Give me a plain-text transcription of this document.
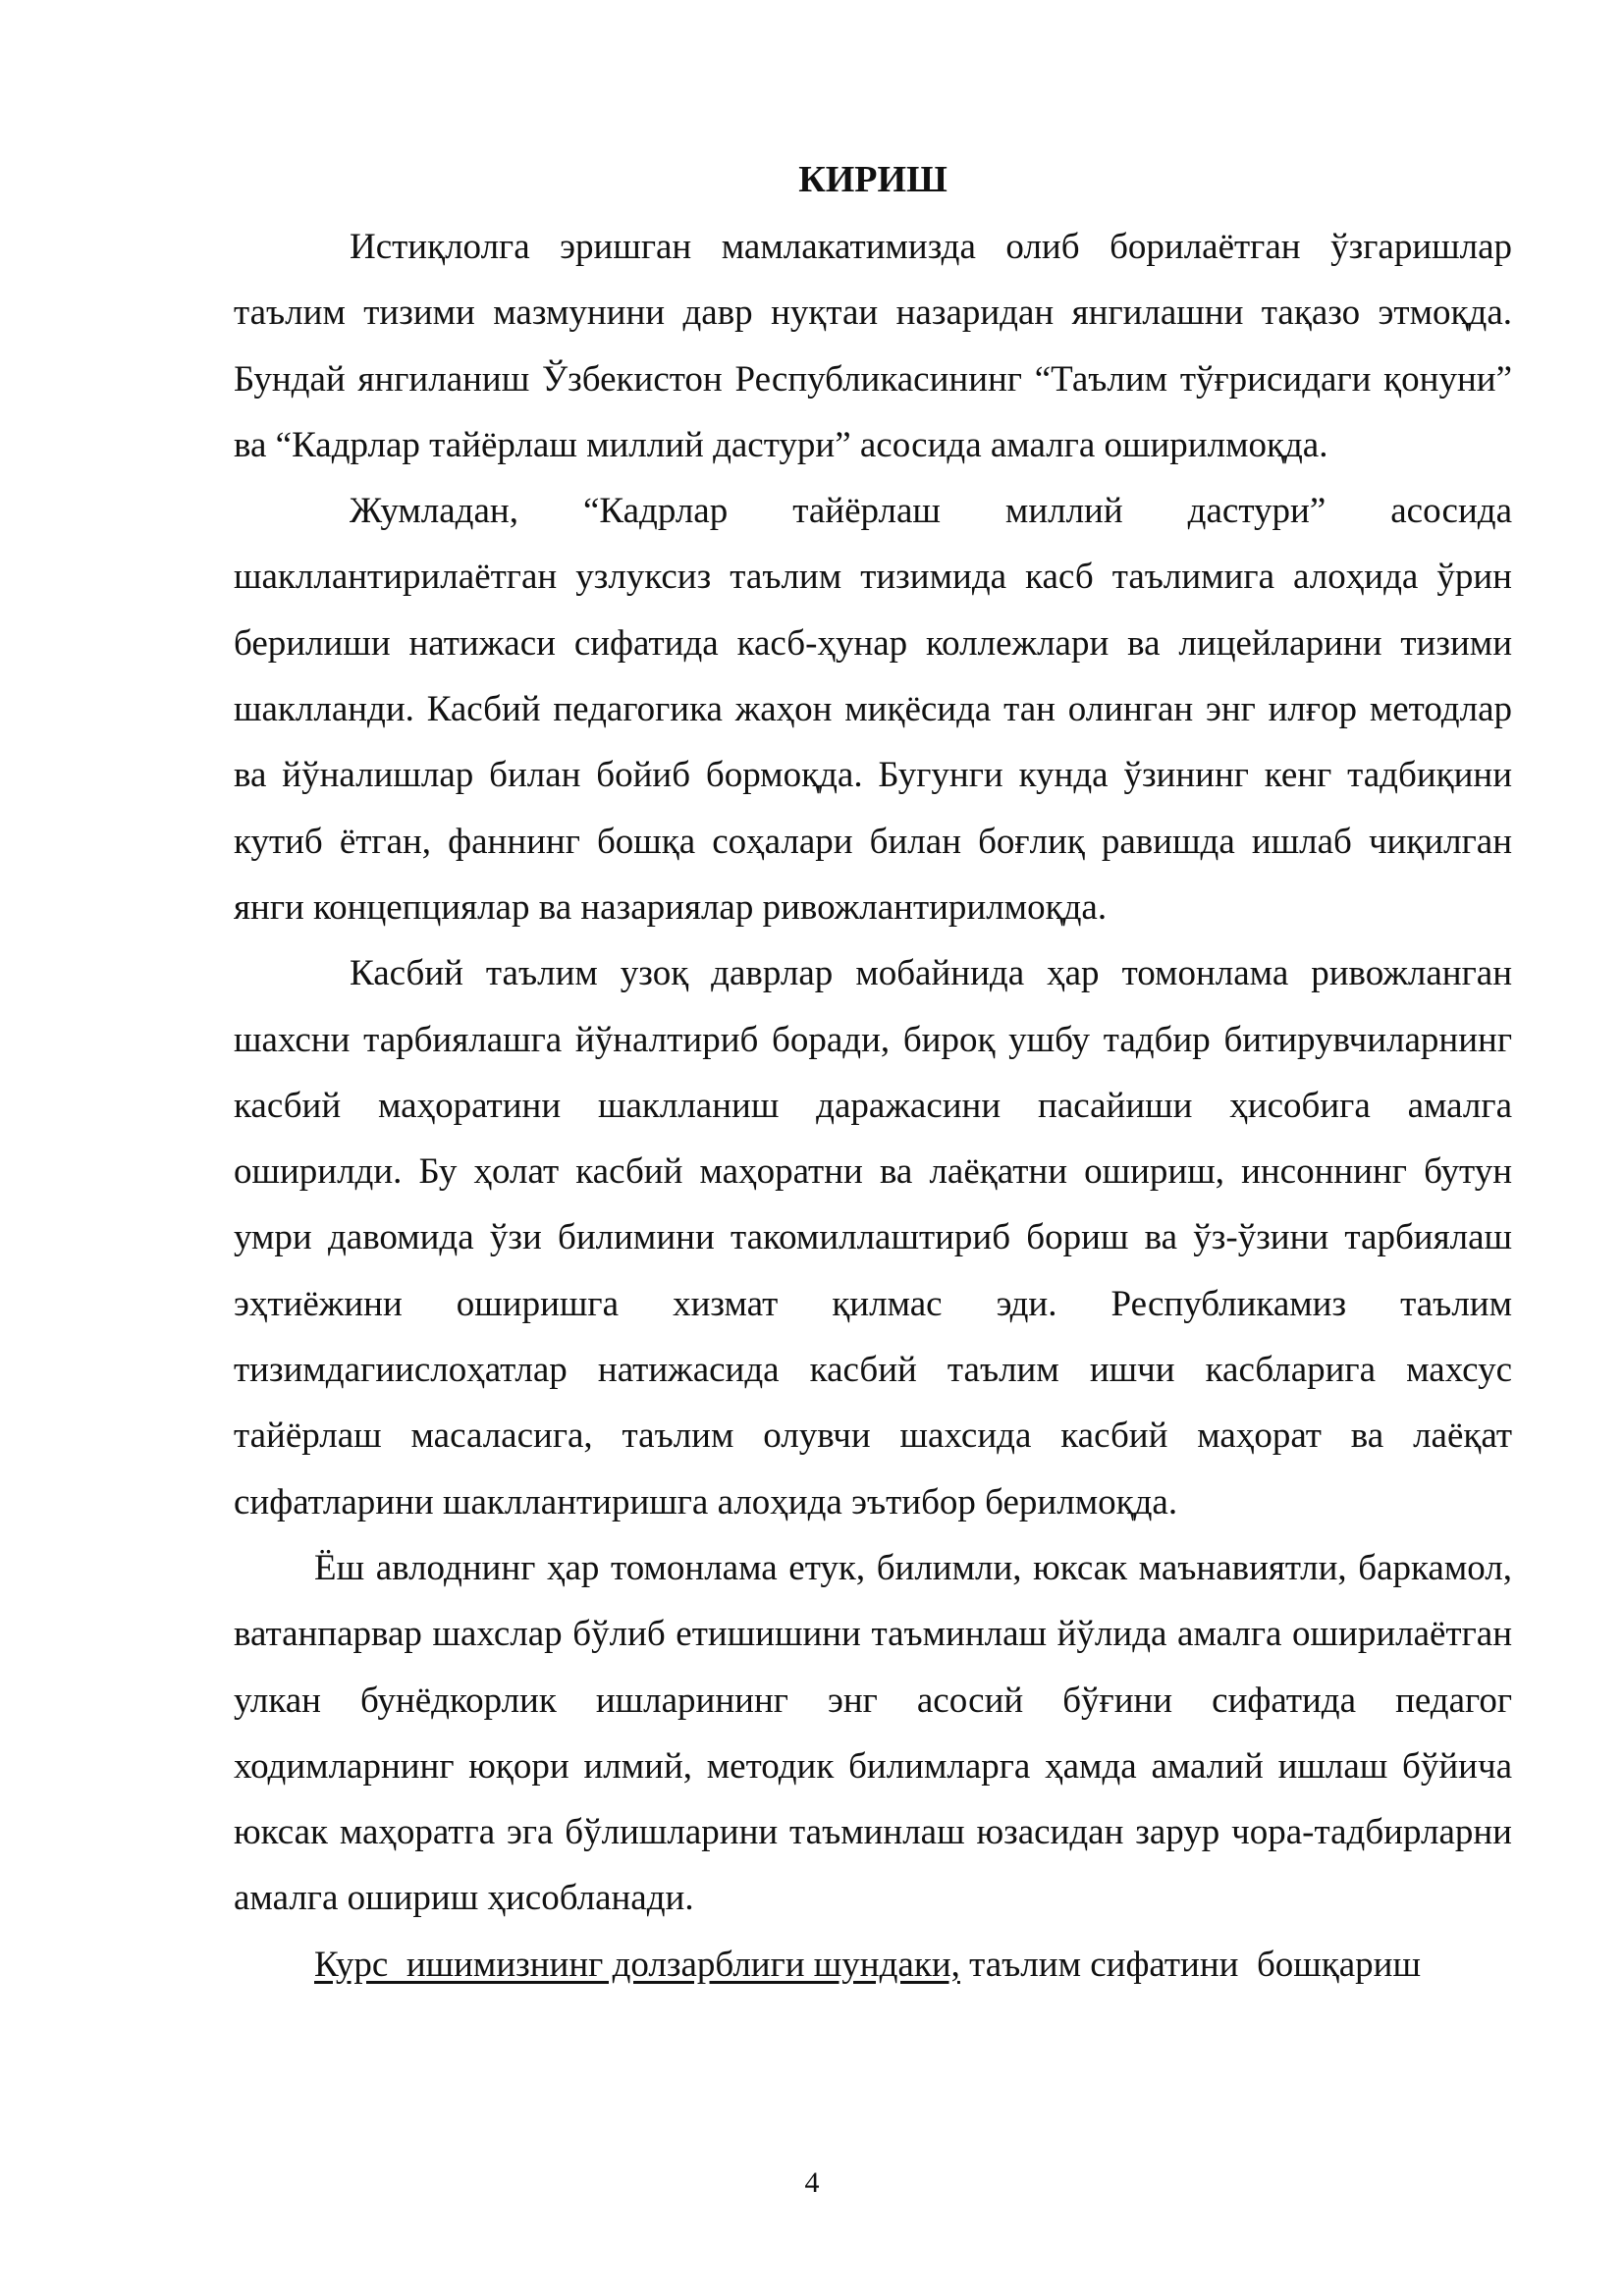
КИРИШ

Истиқлолга эришган мамлакатимизда олиб борилаётган ўзгаришлар таълим тизими мазмунини давр нуқтаи назаридан янгилашни тақазо этмоқда. Бундай янгиланиш Ўзбекистон Республикасининг “Таълим тўғрисидаги қонуни” ва “Кадрлар тайёрлаш миллий дастури” асосида амалга оширилмоқда.

Жумладан, “Кадрлар тайёрлаш миллий дастури” асосида шакллантирилаётган узлуксиз таълим тизимида касб таълимига алоҳида ўрин берилиши натижаси сифатида касб-ҳунар коллежлари ва лицейларини тизими шаклланди. Касбий педагогика жаҳон миқёсида тан олинган энг илғор методлар ва йўналишлар билан бойиб бормоқда. Бугунги кунда ўзининг кенг тадбиқини кутиб ётган, фаннинг бошқа соҳалари билан боғлиқ равишда ишлаб чиқилган янги концепциялар ва назариялар ривожлантирилмоқда.

Касбий таълим узоқ даврлар мобайнида ҳар томонлама ривожланган шахсни тарбиялашга йўналтириб боради, бироқ ушбу тадбир битирувчиларнинг касбий маҳоратини шаклланиш даражасини пасайиши ҳисобига амалга оширилди. Бу ҳолат касбий маҳоратни ва лаёқатни ошириш, инсоннинг бутун умри давомида ўзи билимини такомиллаштириб бориш ва ўз-ўзини тарбиялаш эҳтиёжини оширишга хизмат қилмас эди. Республикамиз таълим тизимдагиислоҳатлар натижасида касбий таълим ишчи касбларига махсус тайёрлаш масаласига, таълим олувчи шахсида касбий маҳорат ва лаёқат сифатларини шакллантиришга алоҳида эътибор берилмоқда.

Ёш авлоднинг ҳар томонлама етук, билимли, юксак маънавиятли, баркамол, ватанпарвар шахслар бўлиб етишишини таъминлаш йўлида амалга оширилаётган улкан бунёдкорлик ишларининг энг асосий бўғини сифатида педагог ходимларнинг юқори илмий, методик билимларга ҳамда амалий ишлаш бўйича юксак маҳоратга эга бўлишларини таъминлаш юзасидан зарур чора-тадбирларни амалга ошириш ҳисобланади.

Курс  ишимизнинг долзарблиги шундаки, таълим сифатини  бошқариш

4
